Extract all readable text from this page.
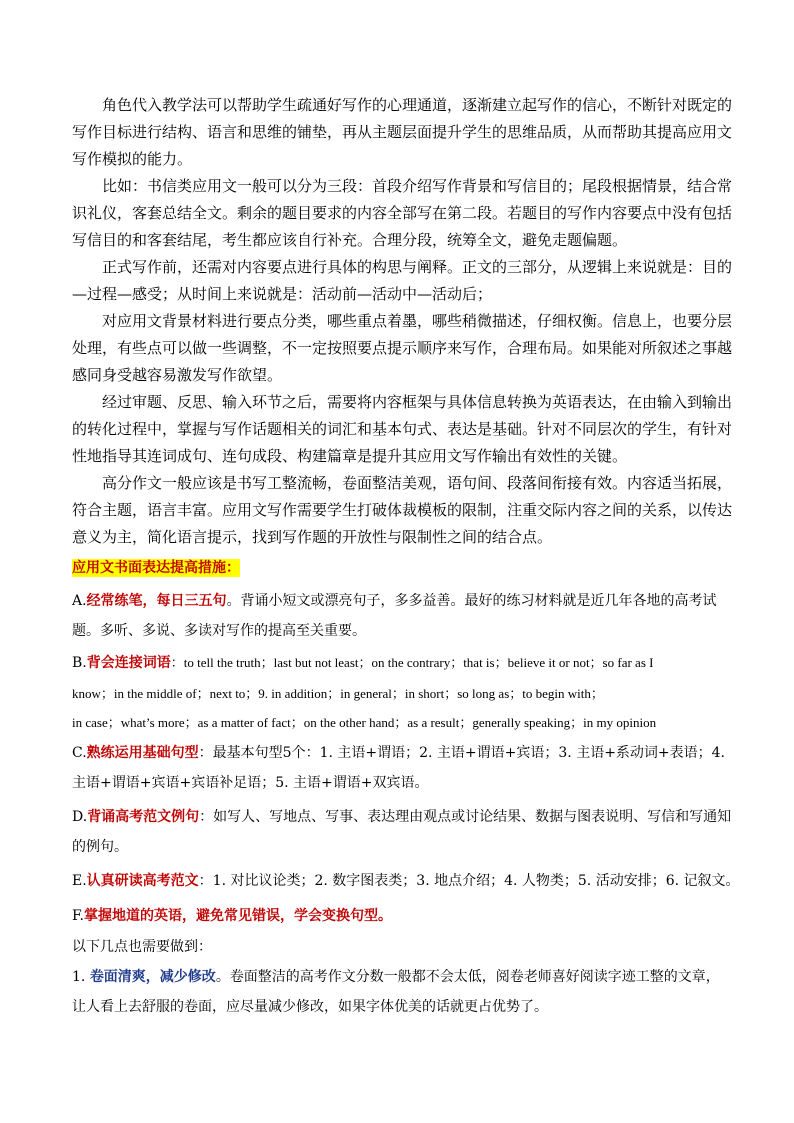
角色代入教学法可以帮助学生疏通好写作的心理通道，逐渐建立起写作的信心，不断针对既定的写作目标进行结构、语言和思维的铺垫，再从主题层面提升学生的思维品质，从而帮助其提高应用文写作模拟的能力。

比如：书信类应用文一般可以分为三段：首段介绍写作背景和写信目的；尾段根据情景，结合常识礼仪，客套总结全文。剩余的题目要求的内容全部写在第二段。若题目的写作内容要点中没有包括写信目的和客套结尾，考生都应该自行补充。合理分段，统筹全文，避免走题偏题。

正式写作前，还需对内容要点进行具体的构思与阐释。正文的三部分，从逻辑上来说就是：目的—过程—感受；从时间上来说就是：活动前—活动中—活动后；

对应用文背景材料进行要点分类，哪些重点着墨，哪些稍微描述，仔细权衡。信息上，也要分层处理，有些点可以做一些调整，不一定按照要点提示顺序来写作，合理布局。如果能对所叙述之事越感同身受越容易激发写作欲望。

经过审题、反思、输入环节之后，需要将内容框架与具体信息转换为英语表达，在由输入到输出的转化过程中，掌握与写作话题相关的词汇和基本句式、表达是基础。针对不同层次的学生，有针对性地指导其连词成句、连句成段、构建篇章是提升其应用文写作输出有效性的关键。

高分作文一般应该是书写工整流畅，卷面整洁美观，语句间、段落间衔接有效。内容适当拓展，符合主题，语言丰富。应用文写作需要学生打破体裁模板的限制，注重交际内容之间的关系，以传达意义为主，简化语言提示，找到写作题的开放性与限制性之间的结合点。

应用文书面表达提高措施：
A.经常练笔，每日三五句。背诵小短文或漂亮句子，多多益善。最好的练习材料就是近几年各地的高考试题。多听、多说、多读对写作的提高至关重要。
B.背会连接词语：to tell the truth；last but not least；on the contrary；that is；believe it or not；so far as I
know；in the middle of；next to；9. in addition；in general；in short；so long as；to begin with；
in case；what’s more；as a matter of fact；on the other hand；as a result；generally speaking；in my opinion
C.熟练运用基础句型：最基本句型5个：1. 主语+谓语；2. 主语+谓语+宾语；3. 主语+系动词+表语；4. 主语+谓语+宾语+宾语补足语；5. 主语+谓语+双宾语。
D.背诵高考范文例句：如写人、写地点、写事、表达理由观点或讨论结果、数据与图表说明、写信和写通知的例句。
E.认真研读高考范文：1. 对比议论类；2. 数字图表类；3. 地点介绍；4. 人物类；5. 活动安排；6. 记叙文。
F.掌握地道的英语，避免常见错误，学会变换句型。
以下几点也需要做到：
1. 卷面清爽，减少修改。卷面整洁的高考作文分数一般都不会太低，阅卷老师喜好阅读字迹工整的文章，让人看上去舒服的卷面，应尽量减少修改，如果字体优美的话就更占优势了。
